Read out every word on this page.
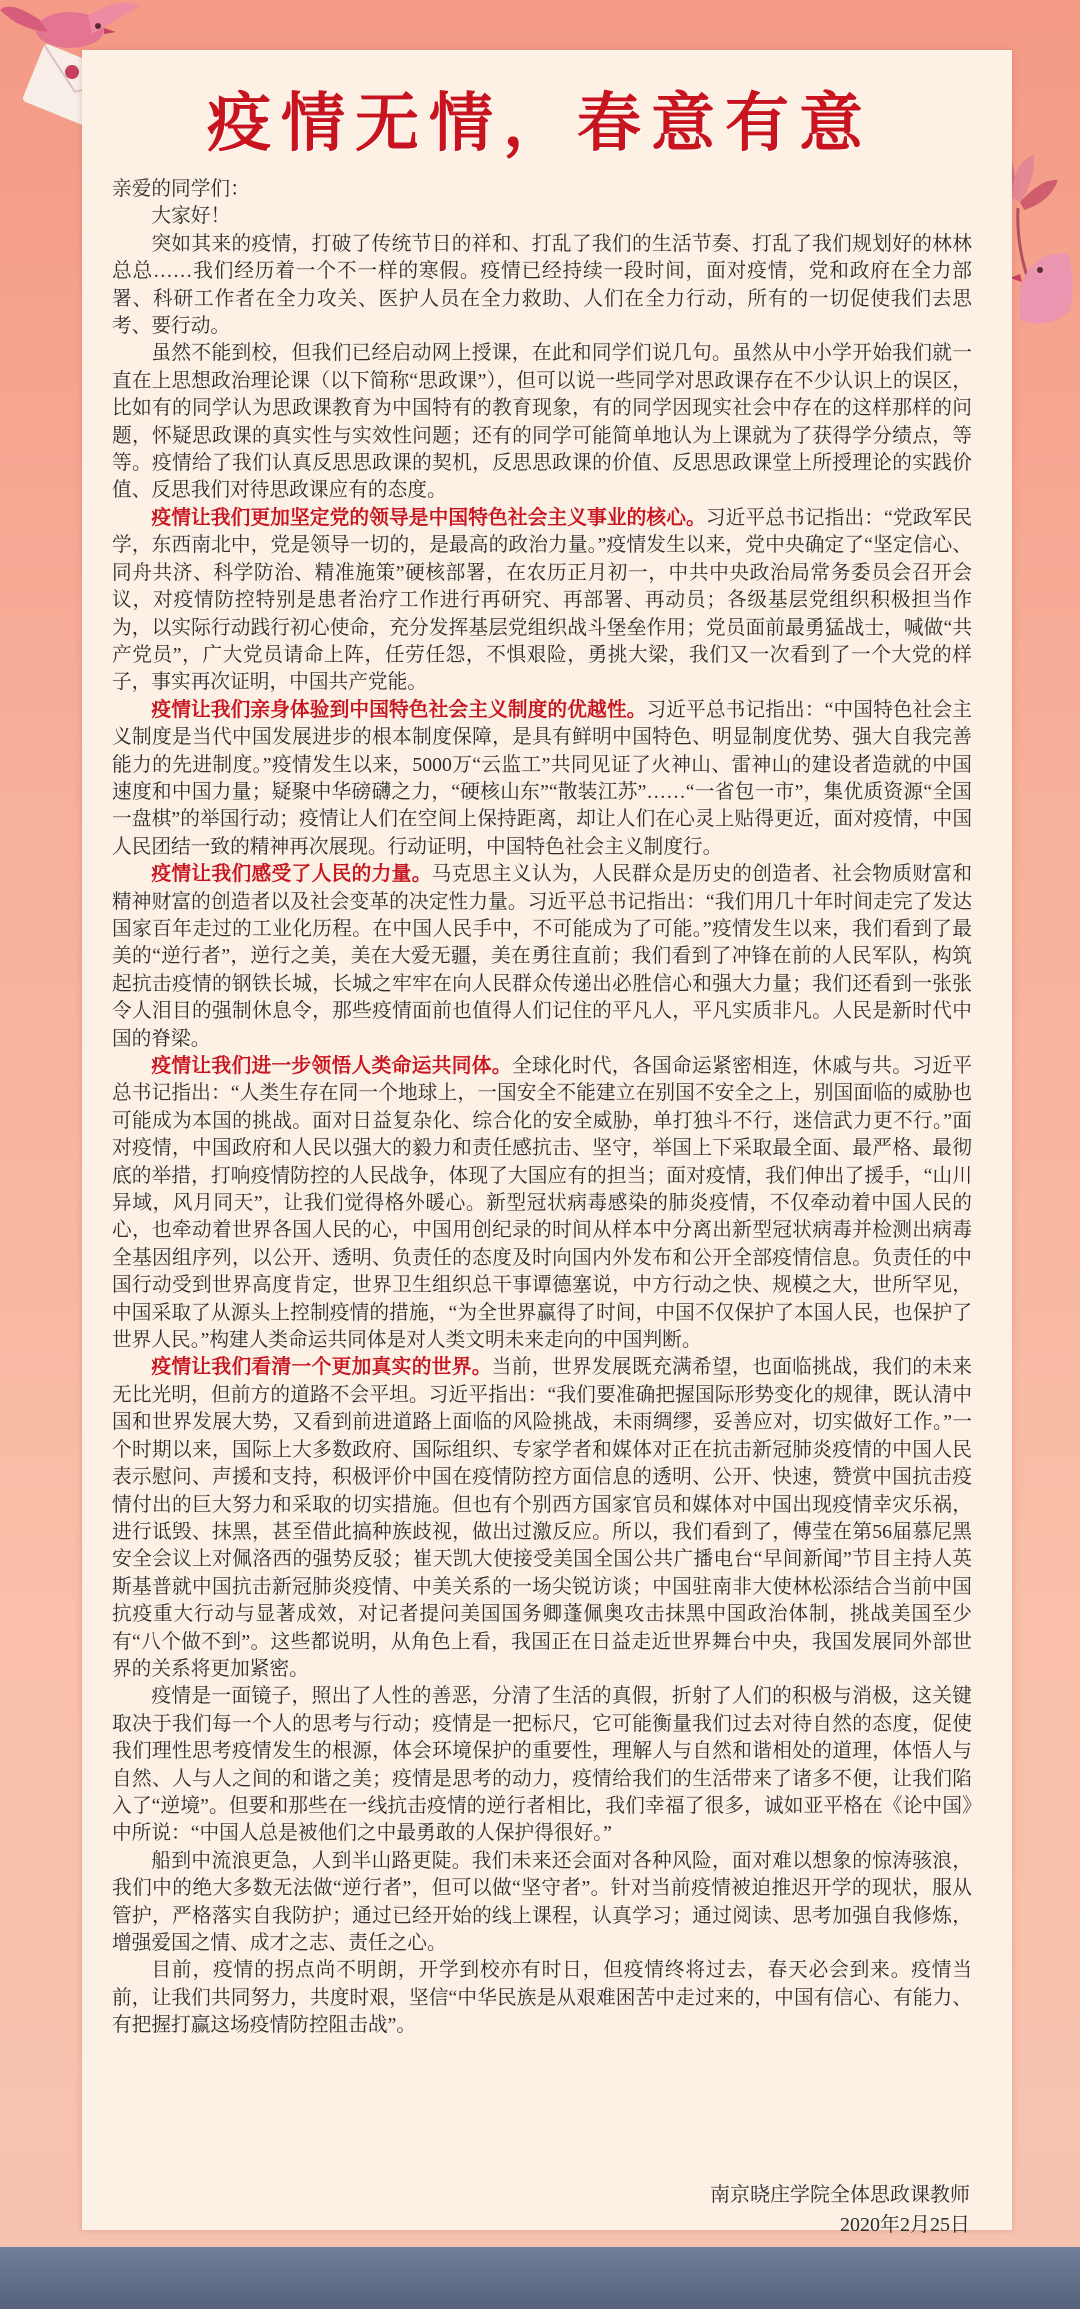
疫情无情，春意有意

亲爱的同学们：

大家好！

突如其来的疫情，打破了传统节日的祥和、打乱了我们的生活节奏、打乱了我们规划好的林林总总……我们经历着一个不一样的寒假。疫情已经持续一段时间，面对疫情，党和政府在全力部署、科研工作者在全力攻关、医护人员在全力救助、人们在全力行动，所有的一切促使我们去思考、要行动。

虽然不能到校，但我们已经启动网上授课，在此和同学们说几句。虽然从中小学开始我们就一直在上思想政治理论课（以下简称“思政课”），但可以说一些同学对思政课存在不少认识上的误区，比如有的同学认为思政课教育为中国特有的教育现象，有的同学因现实社会中存在的这样那样的问题，怀疑思政课的真实性与实效性问题；还有的同学可能简单地认为上课就为了获得学分绩点，等等。疫情给了我们认真反思思政课的契机，反思思政课的价值、反思思政课堂上所授理论的实践价值、反思我们对待思政课应有的态度。

疫情让我们更加坚定党的领导是中国特色社会主义事业的核心。习近平总书记指出：“党政军民学，东西南北中，党是领导一切的，是最高的政治力量。”疫情发生以来，党中央确定了“坚定信心、同舟共济、科学防治、精准施策”硬核部署，在农历正月初一，中共中央政治局常务委员会召开会议，对疫情防控特别是患者治疗工作进行再研究、再部署、再动员；各级基层党组织积极担当作为，以实际行动践行初心使命，充分发挥基层党组织战斗堡垒作用；党员面前最勇猛战士，喊做“共产党员”，广大党员请命上阵，任劳任怨，不惧艰险，勇挑大梁，我们又一次看到了一个大党的样子，事实再次证明，中国共产党能。

疫情让我们亲身体验到中国特色社会主义制度的优越性。习近平总书记指出：“中国特色社会主义制度是当代中国发展进步的根本制度保障，是具有鲜明中国特色、明显制度优势、强大自我完善能力的先进制度。”疫情发生以来，5000万“云监工”共同见证了火神山、雷神山的建设者造就的中国速度和中国力量；疑聚中华磅礴之力，“硬核山东”“散装江苏”……“一省包一市”，集优质资源“全国一盘棋”的举国行动；疫情让人们在空间上保持距离，却让人们在心灵上贴得更近，面对疫情，中国人民团结一致的精神再次展现。行动证明，中国特色社会主义制度行。

疫情让我们感受了人民的力量。马克思主义认为，人民群众是历史的创造者、社会物质财富和精神财富的创造者以及社会变革的决定性力量。习近平总书记指出：“我们用几十年时间走完了发达国家百年走过的工业化历程。在中国人民手中，不可能成为了可能。”疫情发生以来，我们看到了最美的“逆行者”，逆行之美，美在大爱无疆，美在勇往直前；我们看到了冲锋在前的人民军队，构筑起抗击疫情的钢铁长城，长城之牢牢在向人民群众传递出必胜信心和强大力量；我们还看到一张张令人泪目的强制休息令，那些疫情面前也值得人们记住的平凡人，平凡实质非凡。人民是新时代中国的脊梁。

疫情让我们进一步领悟人类命运共同体。全球化时代，各国命运紧密相连，休戚与共。习近平总书记指出：“人类生存在同一个地球上，一国安全不能建立在别国不安全之上，别国面临的威胁也可能成为本国的挑战。面对日益复杂化、综合化的安全威胁，单打独斗不行，迷信武力更不行。”面对疫情，中国政府和人民以强大的毅力和责任感抗击、坚守，举国上下采取最全面、最严格、最彻底的举措，打响疫情防控的人民战争，体现了大国应有的担当；面对疫情，我们伸出了援手，“山川异域，风月同天”，让我们觉得格外暖心。新型冠状病毒感染的肺炎疫情，不仅牵动着中国人民的心，也牵动着世界各国人民的心，中国用创纪录的时间从样本中分离出新型冠状病毒并检测出病毒全基因组序列，以公开、透明、负责任的态度及时向国内外发布和公开全部疫情信息。负责任的中国行动受到世界高度肯定，世界卫生组织总干事谭德塞说，中方行动之快、规模之大，世所罕见，中国采取了从源头上控制疫情的措施，“为全世界赢得了时间，中国不仅保护了本国人民，也保护了世界人民。”构建人类命运共同体是对人类文明未来走向的中国判断。

疫情让我们看清一个更加真实的世界。当前，世界发展既充满希望，也面临挑战，我们的未来无比光明，但前方的道路不会平坦。习近平指出：“我们要准确把握国际形势变化的规律，既认清中国和世界发展大势，又看到前进道路上面临的风险挑战，未雨绸缪，妥善应对，切实做好工作。”一个时期以来，国际上大多数政府、国际组织、专家学者和媒体对正在抗击新冠肺炎疫情的中国人民表示慰问、声援和支持，积极评价中国在疫情防控方面信息的透明、公开、快速，赞赏中国抗击疫情付出的巨大努力和采取的切实措施。但也有个别西方国家官员和媒体对中国出现疫情幸灾乐祸，进行诋毁、抹黑，甚至借此搞种族歧视，做出过激反应。所以，我们看到了，傅莹在第56届慕尼黑安全会议上对佩洛西的强势反驳；崔天凯大使接受美国全国公共广播电台“早间新闻”节目主持人英斯基普就中国抗击新冠肺炎疫情、中美关系的一场尖锐访谈；中国驻南非大使林松添结合当前中国抗疫重大行动与显著成效，对记者提问美国国务卿蓬佩奥攻击抹黑中国政治体制，挑战美国至少有“八个做不到”。这些都说明，从角色上看，我国正在日益走近世界舞台中央，我国发展同外部世界的关系将更加紧密。

疫情是一面镜子，照出了人性的善恶，分清了生活的真假，折射了人们的积极与消极，这关键取决于我们每一个人的思考与行动；疫情是一把标尺，它可能衡量我们过去对待自然的态度，促使我们理性思考疫情发生的根源，体会环境保护的重要性，理解人与自然和谐相处的道理，体悟人与自然、人与人之间的和谐之美；疫情是思考的动力，疫情给我们的生活带来了诸多不便，让我们陷入了“逆境”。但要和那些在一线抗击疫情的逆行者相比，我们幸福了很多，诚如亚平格在《论中国》中所说：“中国人总是被他们之中最勇敢的人保护得很好。”

船到中流浪更急，人到半山路更陡。我们未来还会面对各种风险，面对难以想象的惊涛骇浪，我们中的绝大多数无法做“逆行者”，但可以做“坚守者”。针对当前疫情被迫推迟开学的现状，服从管护，严格落实自我防护；通过已经开始的线上课程，认真学习；通过阅读、思考加强自我修炼，增强爱国之情、成才之志、责任之心。

目前，疫情的拐点尚不明朗，开学到校亦有时日，但疫情终将过去，春天必会到来。疫情当前，让我们共同努力，共度时艰，坚信“中华民族是从艰难困苦中走过来的，中国有信心、有能力、有把握打赢这场疫情防控阻击战”。

南京晓庄学院全体思政课教师
2020年2月25日
